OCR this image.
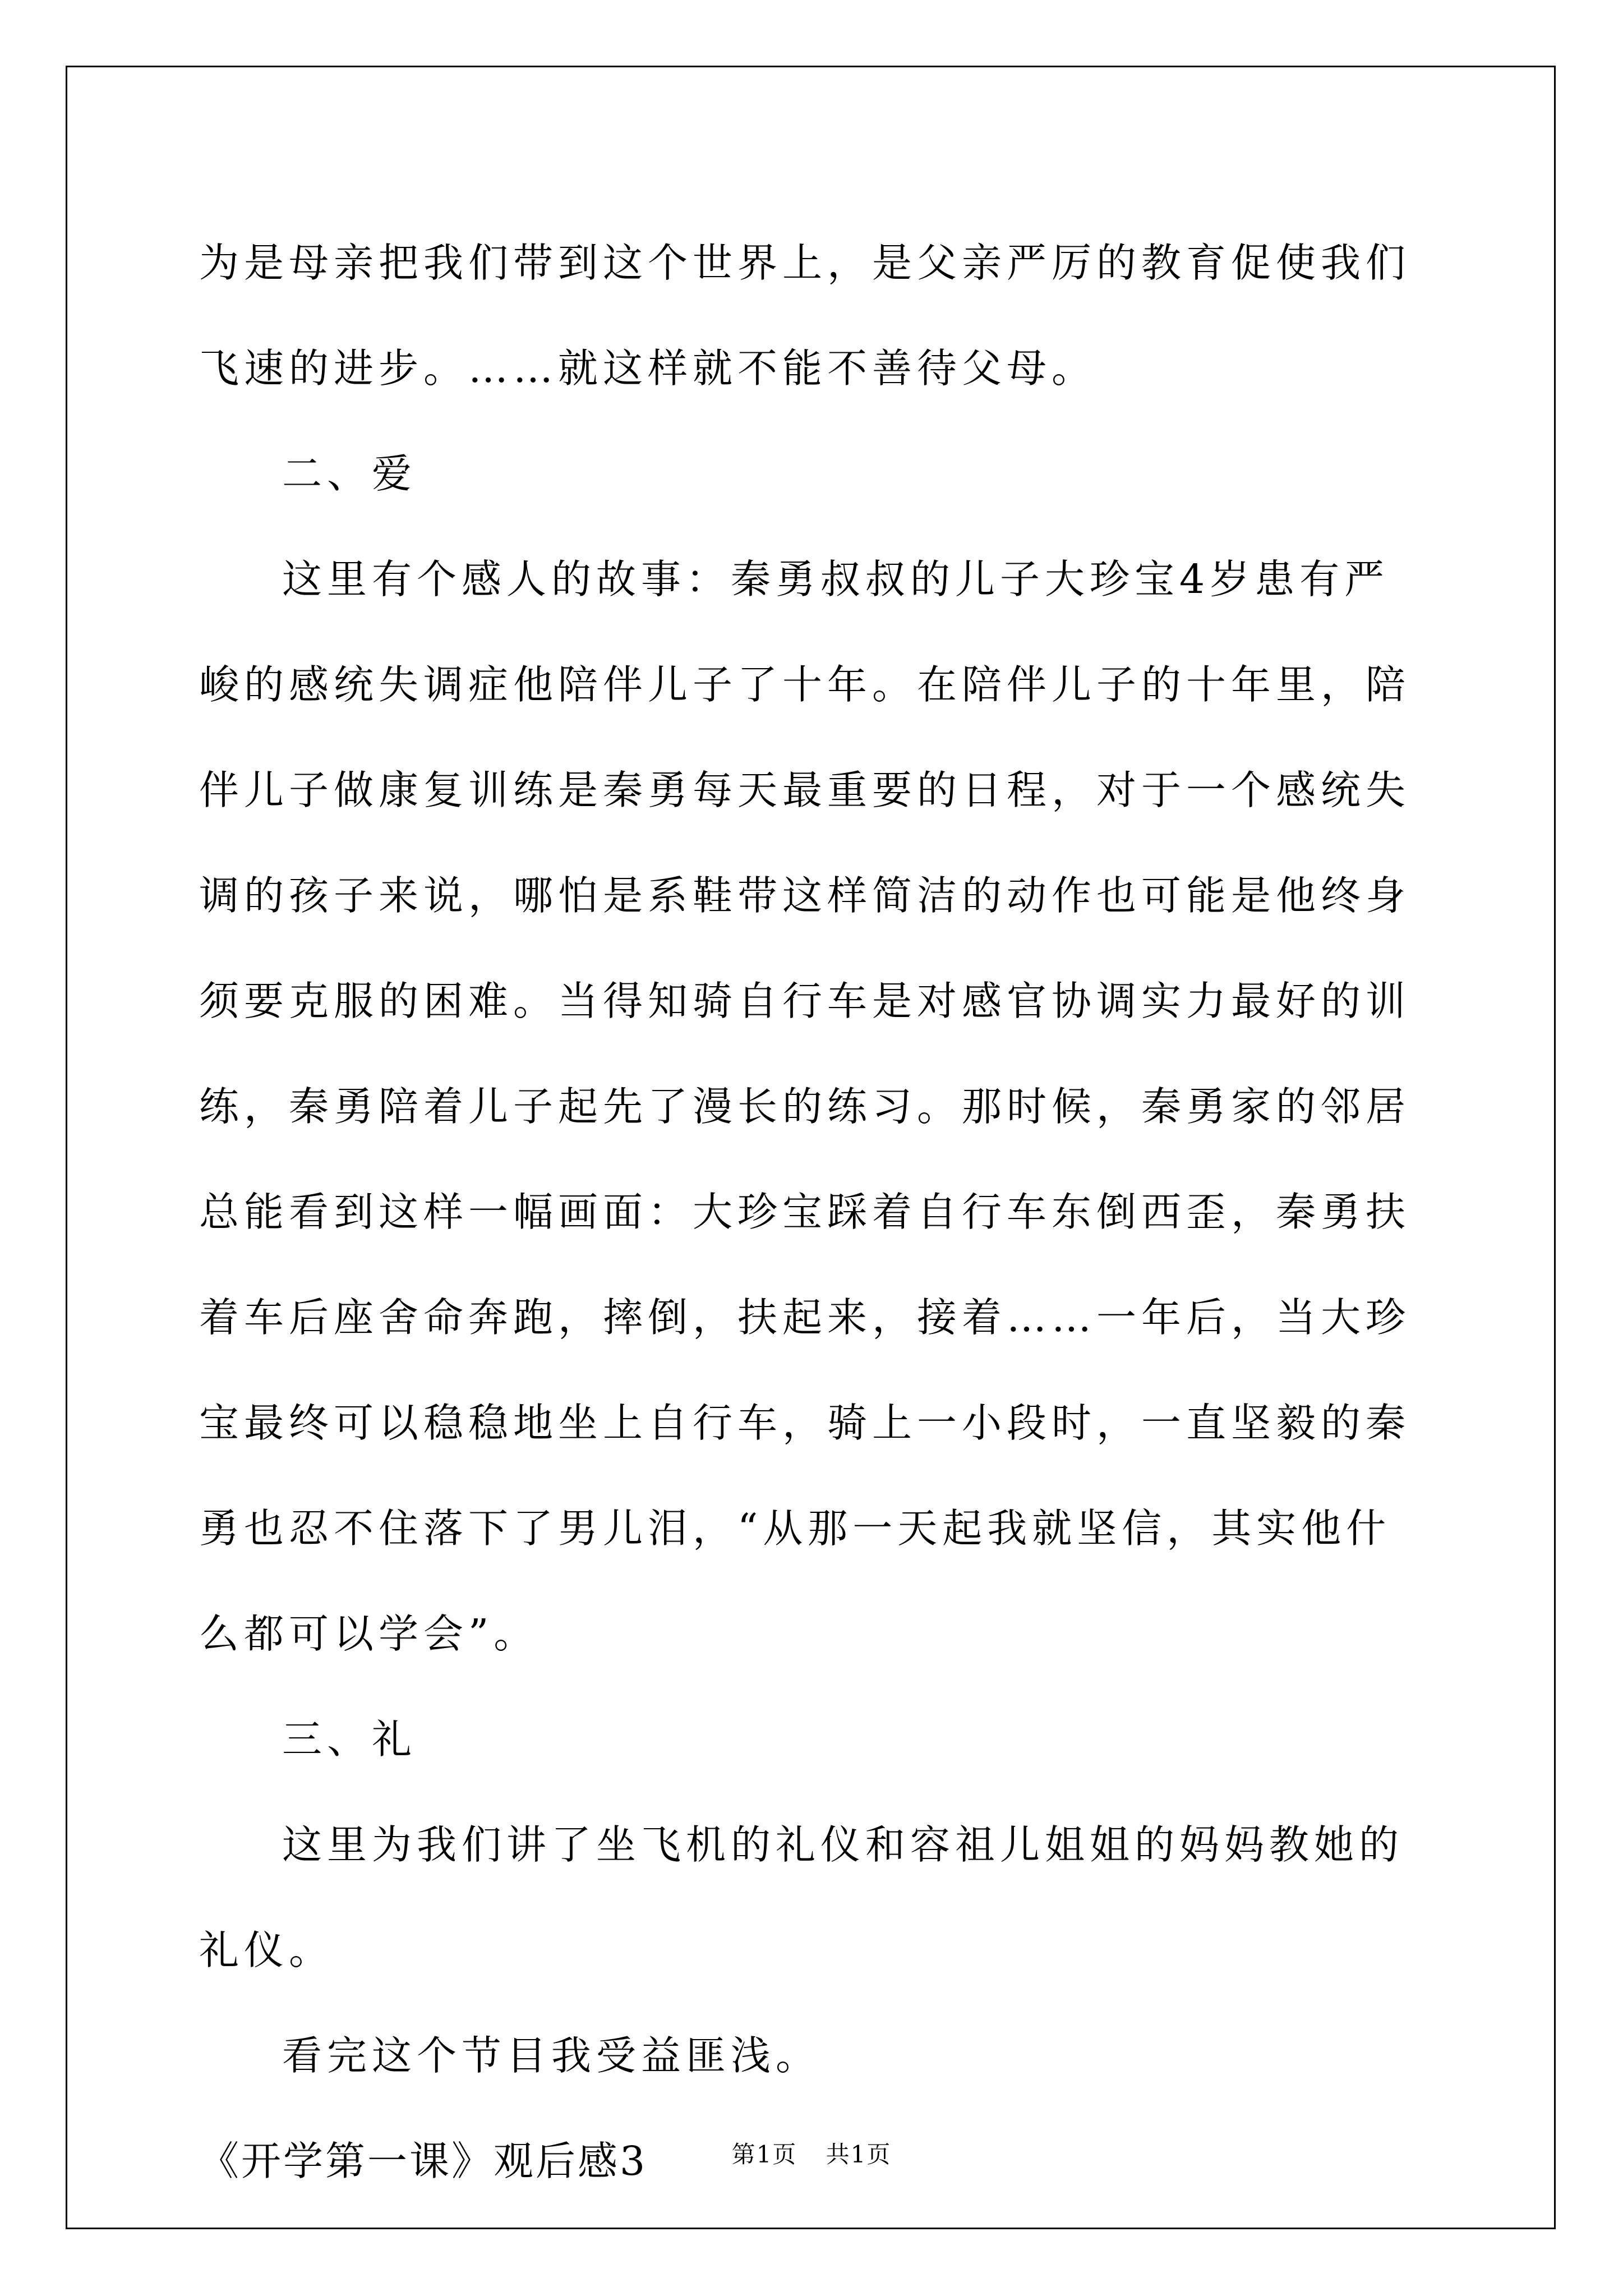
为是母亲把我们带到这个世界上，是父亲严厉的教育促使我们飞速的进步。……就这样就不能不善待父母。

二、爱

这里有个感人的故事：秦勇叔叔的儿子大珍宝4岁患有严峻的感统失调症他陪伴儿子了十年。在陪伴儿子的十年里，陪伴儿子做康复训练是秦勇每天最重要的日程，对于一个感统失调的孩子来说，哪怕是系鞋带这样简洁的动作也可能是他终身须要克服的困难。当得知骑自行车是对感官协调实力最好的训练，秦勇陪着儿子起先了漫长的练习。那时候，秦勇家的邻居总能看到这样一幅画面：大珍宝踩着自行车东倒西歪，秦勇扶着车后座舍命奔跑，摔倒，扶起来，接着……一年后，当大珍宝最终可以稳稳地坐上自行车，骑上一小段时，一直坚毅的秦勇也忍不住落下了男儿泪，“从那一天起我就坚信，其实他什么都可以学会”。

三、礼

这里为我们讲了坐飞机的礼仪和容祖儿姐姐的妈妈教她的礼仪。

看完这个节目我受益匪浅。

《开学第一课》观后感3	第1页 共1页
